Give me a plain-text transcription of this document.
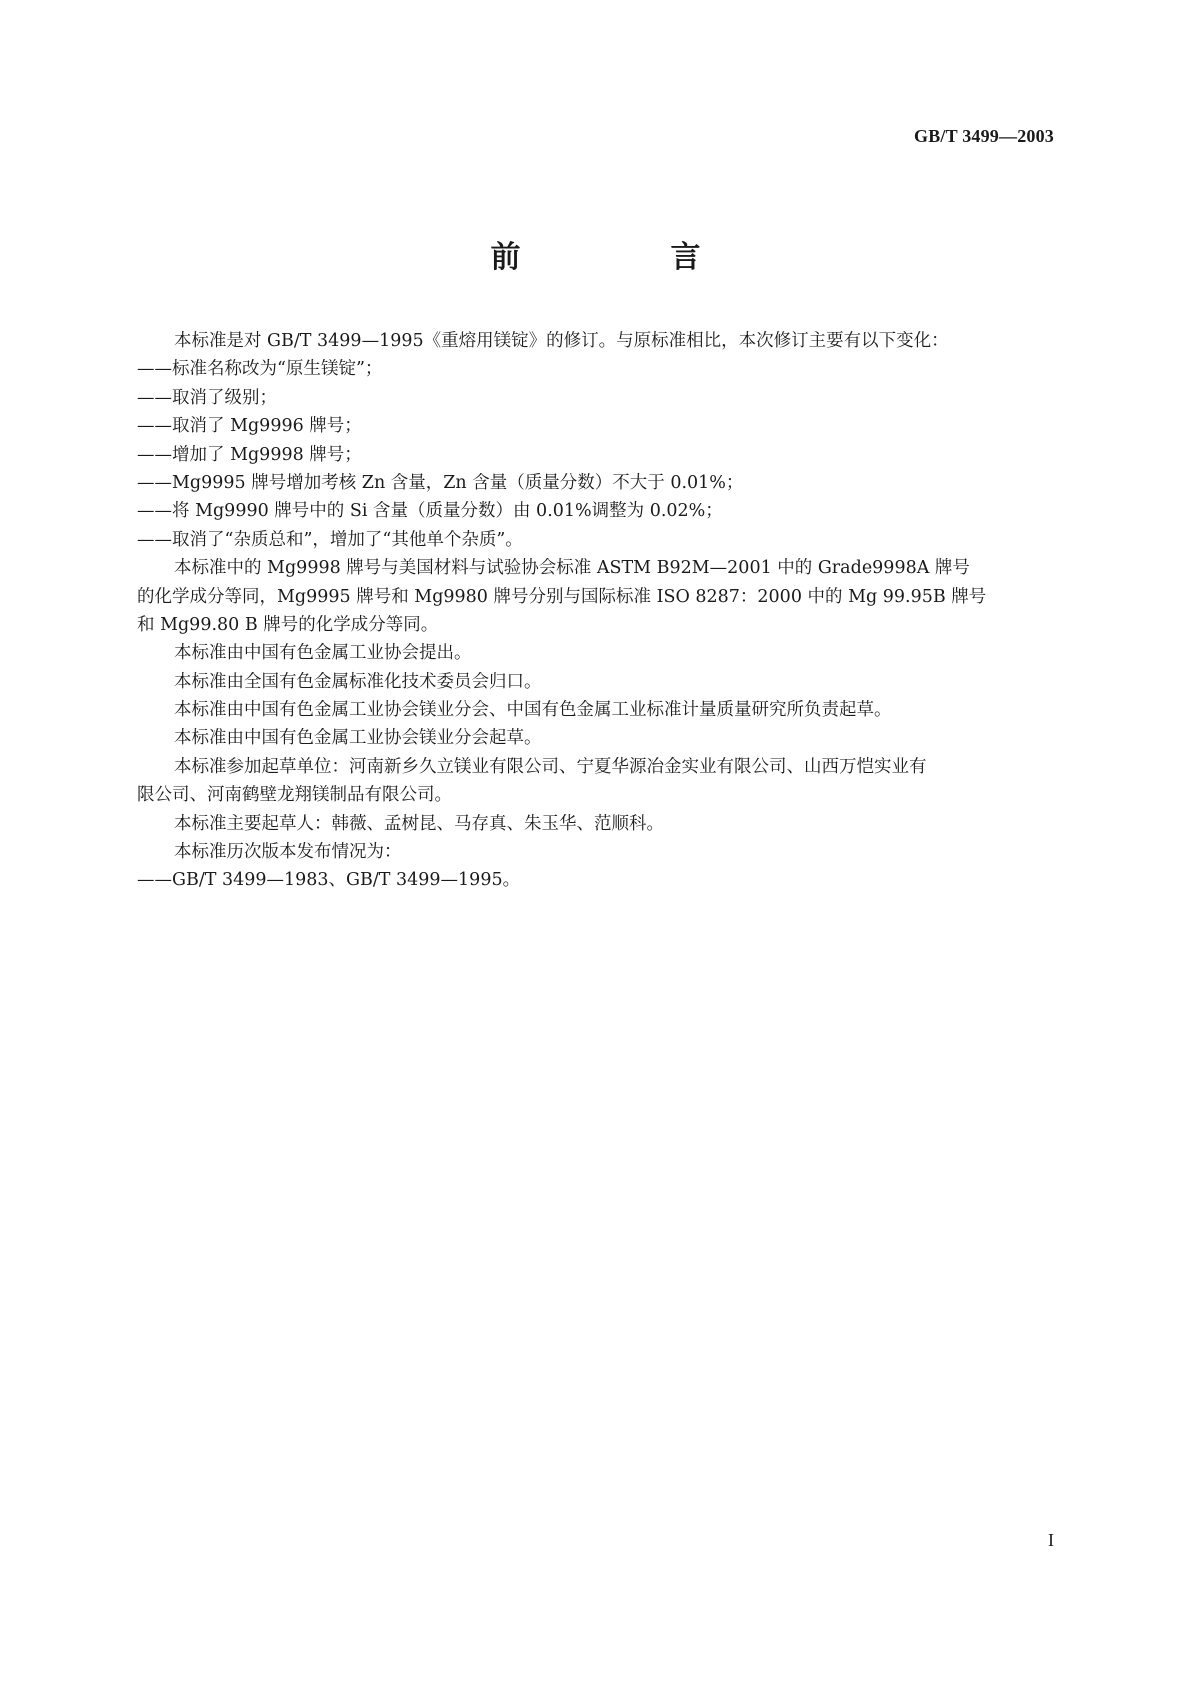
GB/T 3499—2003
前　言
本标准是对 GB/T 3499—1995《重熔用镁锭》的修订。与原标准相比，本次修订主要有以下变化：
——标准名称改为“原生镁锭”；
——取消了级别；
——取消了 Mg9996 牌号；
——增加了 Mg9998 牌号；
——Mg9995 牌号增加考核 Zn 含量，Zn 含量（质量分数）不大于 0.01%；
——将 Mg9990 牌号中的 Si 含量（质量分数）由 0.01%调整为 0.02%；
——取消了“杂质总和”，增加了“其他单个杂质”。
本标准中的 Mg9998 牌号与美国材料与试验协会标准 ASTM B92M—2001 中的 Grade9998A 牌号
的化学成分等同，Mg9995 牌号和 Mg9980 牌号分别与国际标准 ISO 8287：2000 中的 Mg 99.95B 牌号
和 Mg99.80 B 牌号的化学成分等同。
本标准由中国有色金属工业协会提出。
本标准由全国有色金属标准化技术委员会归口。
本标准由中国有色金属工业协会镁业分会、中国有色金属工业标准计量质量研究所负责起草。
本标准由中国有色金属工业协会镁业分会起草。
本标准参加起草单位：河南新乡久立镁业有限公司、宁夏华源冶金实业有限公司、山西万恺实业有
限公司、河南鹤壁龙翔镁制品有限公司。
本标准主要起草人：韩薇、孟树昆、马存真、朱玉华、范顺科。
本标准历次版本发布情况为：
——GB/T 3499—1983、GB/T 3499—1995。
I
